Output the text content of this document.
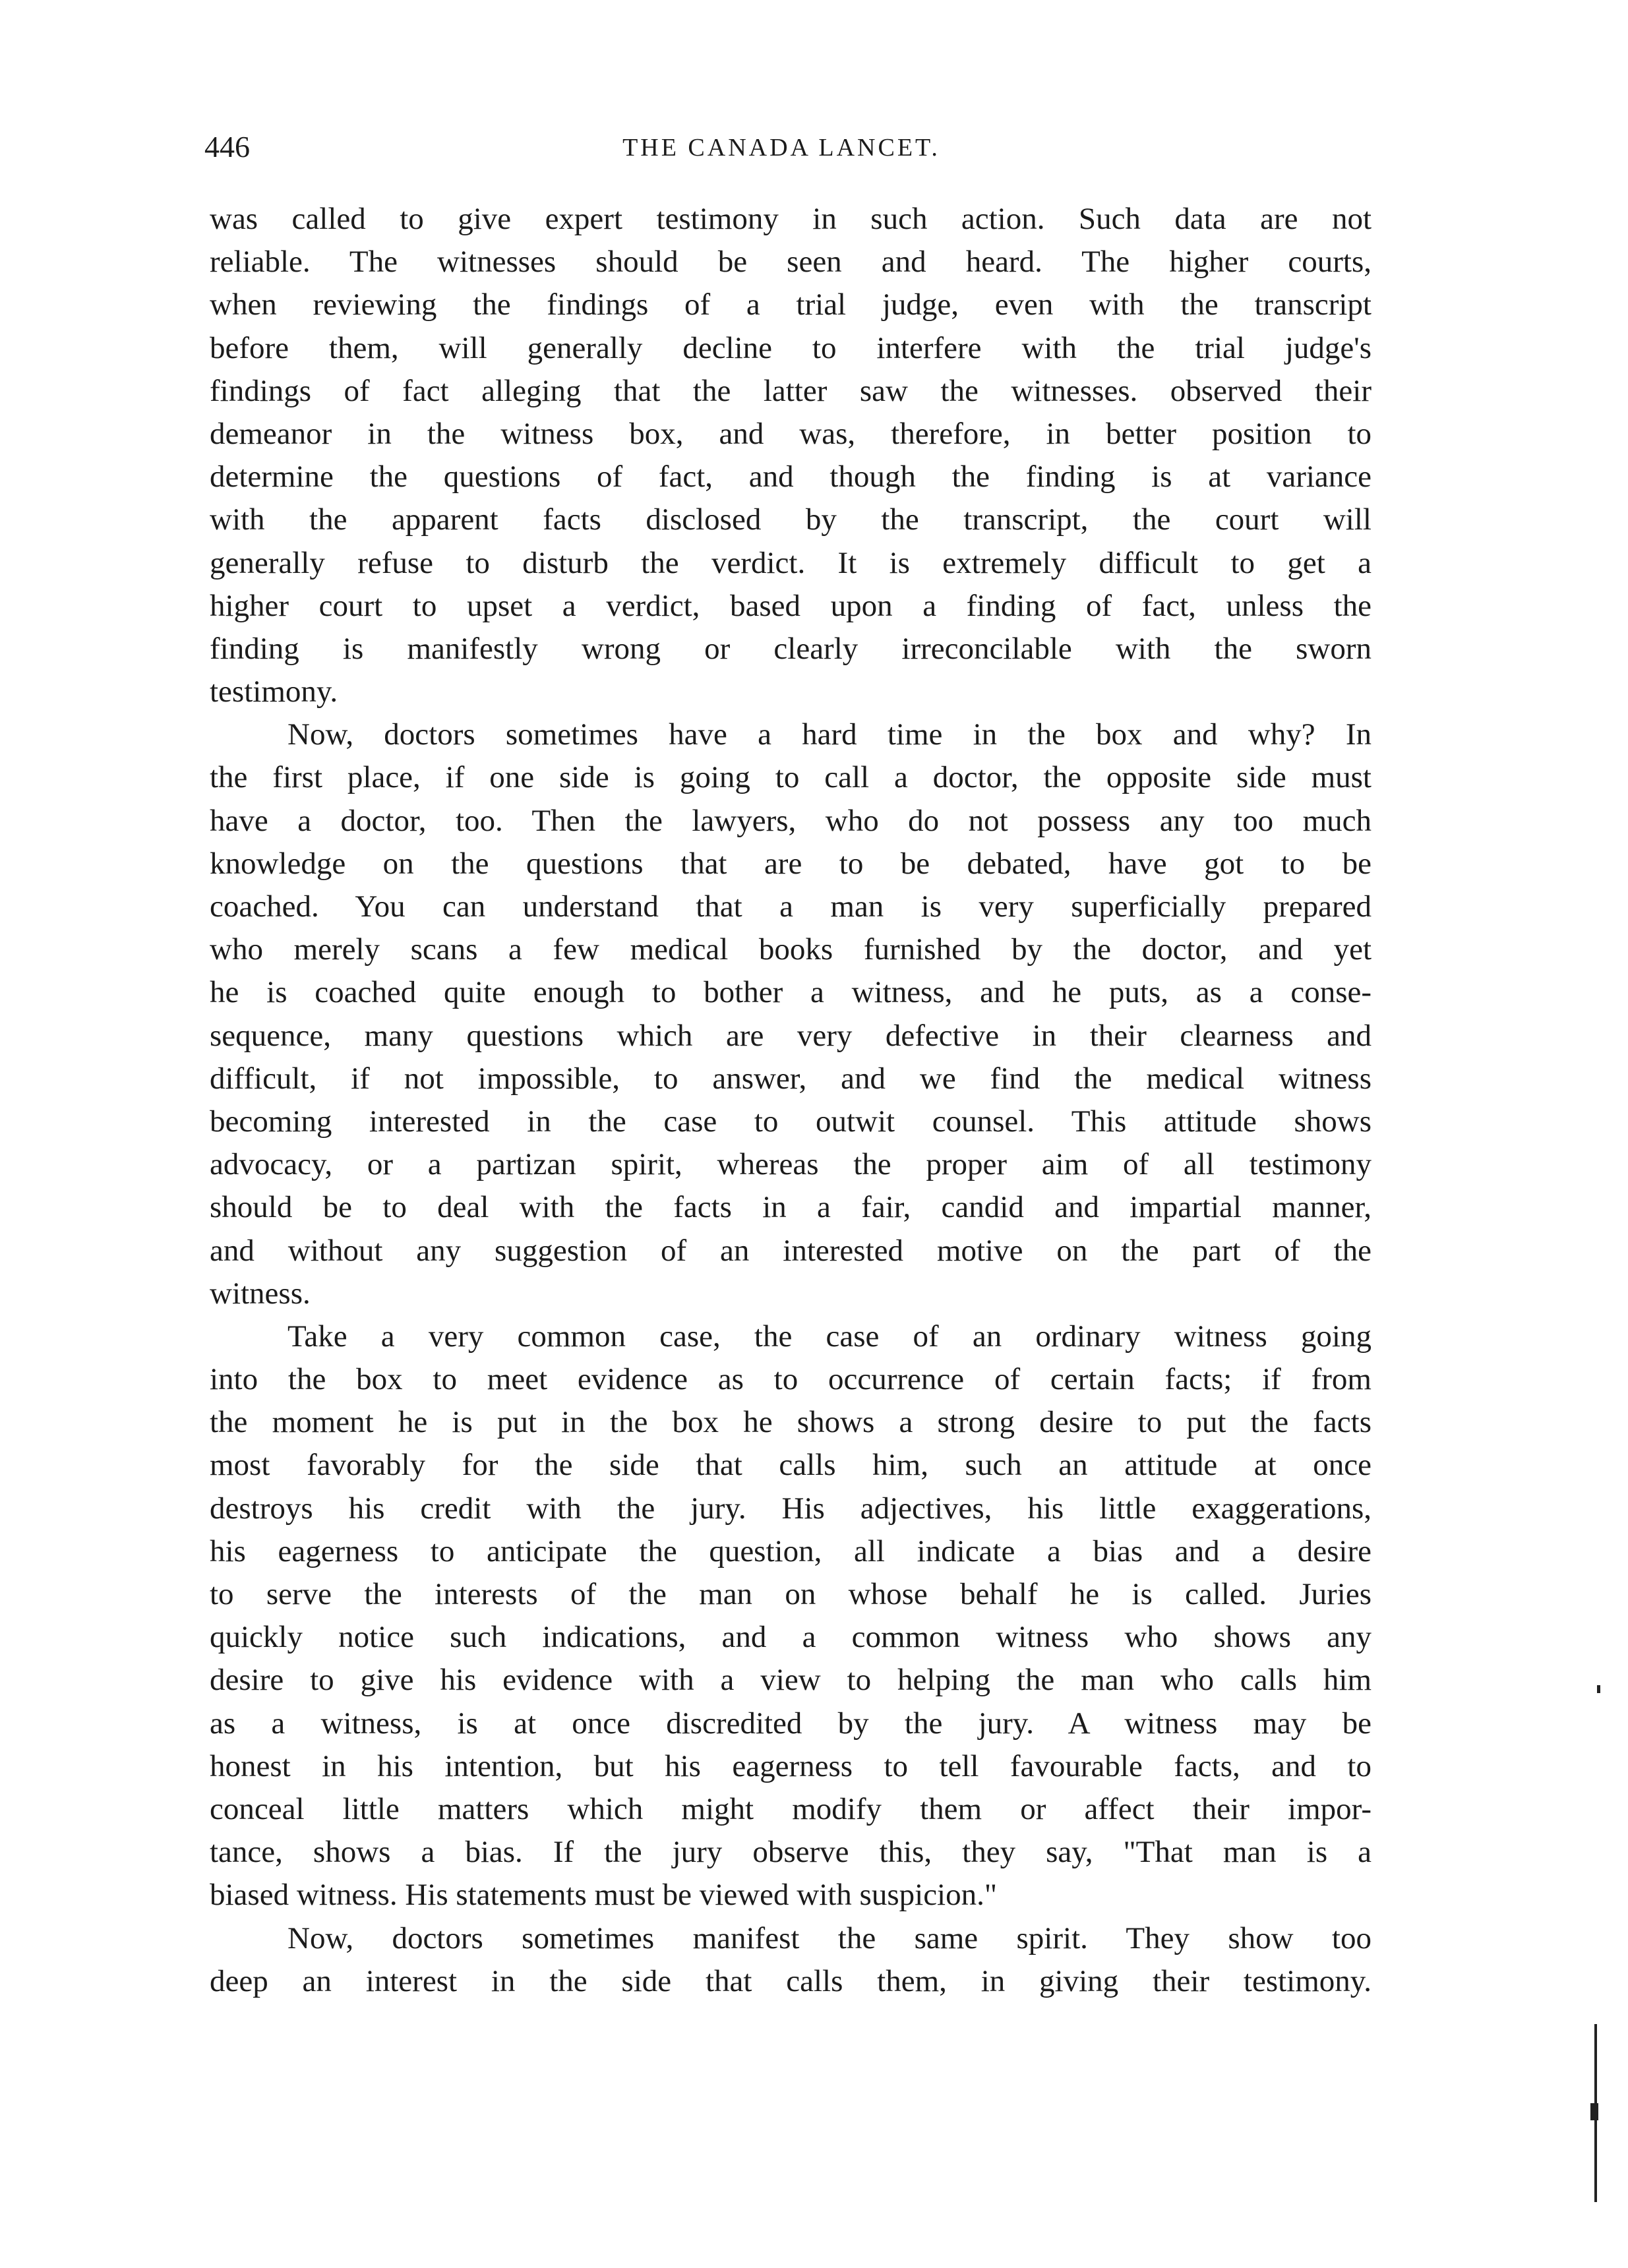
446	THE CANADA LANCET.
was called to give expert testimony in such action. Such data are not
reliable. The witnesses should be seen and heard. The higher courts,
when reviewing the findings of a trial judge, even with the transcript
before them, will generally decline to interfere with the trial judge's
findings of fact alleging that the latter saw the witnesses. observed their
demeanor in the witness box, and was, therefore, in better position to
determine the questions of fact, and though the finding is at variance
with the apparent facts disclosed by the transcript, the court will
generally refuse to disturb the verdict. It is extremely difficult to get a
higher court to upset a verdict, based upon a finding of fact, unless the
finding is manifestly wrong or clearly irreconcilable with the sworn
testimony.
Now, doctors sometimes have a hard time in the box and why? In
the first place, if one side is going to call a doctor, the opposite side must
have a doctor, too. Then the lawyers, who do not possess any too much
knowledge on the questions that are to be debated, have got to be
coached. You can understand that a man is very superficially prepared
who merely scans a few medical books furnished by the doctor, and yet
he is coached quite enough to bother a witness, and he puts, as a conse-
sequence, many questions which are very defective in their clearness and
difficult, if not impossible, to answer, and we find the medical witness
becoming interested in the case to outwit counsel. This attitude shows
advocacy, or a partizan spirit, whereas the proper aim of all testimony
should be to deal with the facts in a fair, candid and impartial manner,
and without any suggestion of an interested motive on the part of the
witness.
Take a very common case, the case of an ordinary witness going
into the box to meet evidence as to occurrence of certain facts; if from
the moment he is put in the box he shows a strong desire to put the facts
most favorably for the side that calls him, such an attitude at once
destroys his credit with the jury. His adjectives, his little exaggerations,
his eagerness to anticipate the question, all indicate a bias and a desire
to serve the interests of the man on whose behalf he is called. Juries
quickly notice such indications, and a common witness who shows any
desire to give his evidence with a view to helping the man who calls him
as a witness, is at once discredited by the jury. A witness may be
honest in his intention, but his eagerness to tell favourable facts, and to
conceal little matters which might modify them or affect their impor-
tance, shows a bias. If the jury observe this, they say, "That man is a
biased witness. His statements must be viewed with suspicion."
Now, doctors sometimes manifest the same spirit. They show too
deep an interest in the side that calls them, in giving their testimony.
